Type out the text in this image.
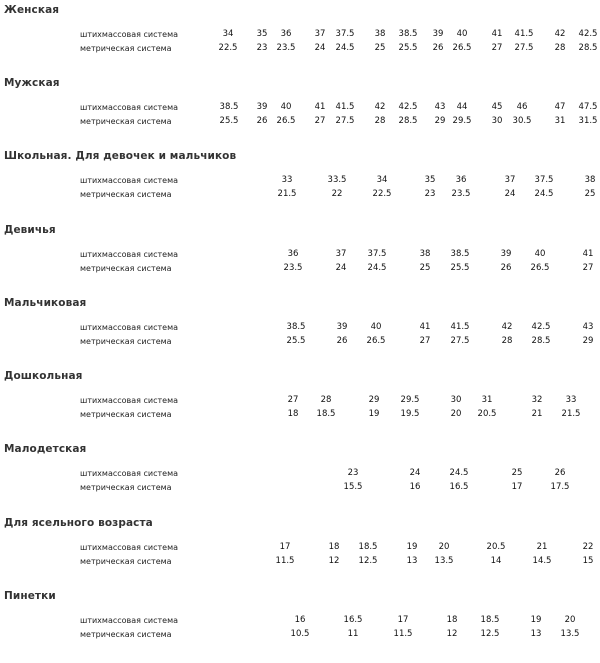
Женская
штихмассовая система	34	35 36	37 37.5 38 38.5 39 40	41 41.5 42 42.5
метрическая система	22.5 23 23.5 24 24.5 25 25.5 26 26.5 27 27.5 28 28.5
Мужская
штихмассовая система	38.5 39 40	41 41.5 42 42.5 43 44	45 46	47 47.5
метрическая система	25.5 26 26.5 27 27.5 28 28.5 29 29.5 30 30.5	31 31.5
Школьная. Для девочек и мальчиков
штихмассовая система	33	33.5	34	35 36	37 37.5	38
метрическая система	21.5	22	22.5	23 23.5	24 24.5	25
Девичья
штихмассовая система	36	37 37.5	38 38.5	39	40	41
метрическая система	23.5	24 24.5	25 25.5	26 26.5	27
Мальчиковая
штихмассовая система	38.5	39	40	41 41.5	42 42.5	43
метрическая система	25.5	26 26.5	27 27.5	28 28.5	29
Дошкольная
штихмассовая система	27	28	29 29.5	30 31	32	33
метрическая система	18 18.5	19 19.5	20 20.5	21 21.5
Малодетская
штихмассовая система	23	24	24.5	25	26
метрическая система	15.5	16	16.5	17	17.5
Для ясельного возраста
штихмассовая система	17	18 18.5	19 20	20.5	21	22
метрическая система	11.5	12 12.5	13 13.5	14	14.5	15
Пинетки
штихмассовая система	16	16.5	17	18	18.5	19	20
метрическая система	10.5	11	11.5	12	12.5	13 13.5
